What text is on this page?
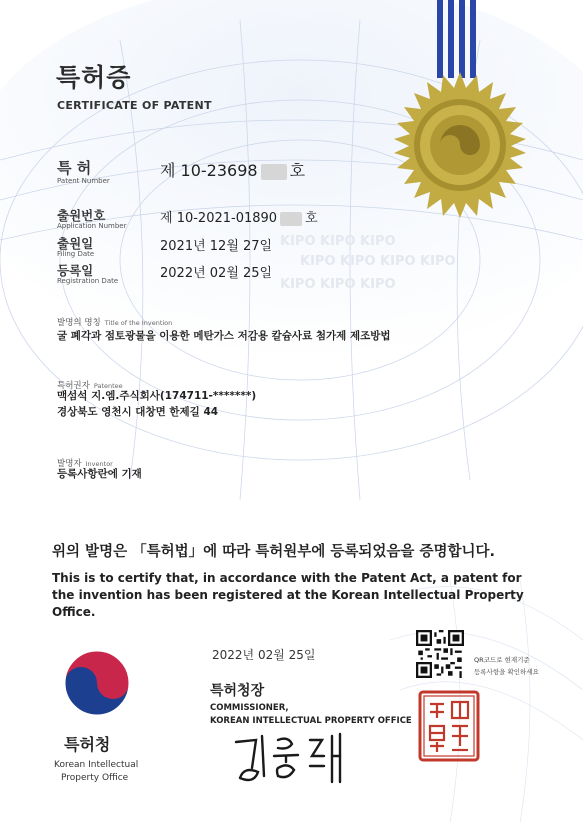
KIPO KIPO KIPO
KIPO KIPO KIPO KIPO
KIPO KIPO KIPO
특허증
CERTIFICATE OF PATENT
특 허
Patent Number
제 10-23698 호
출원번호
Application Number	제 10-2021-01890 호
출원일
Filing Date	2021년 12월 27일
등록일
Registration Date	2022년 02월 25일
발명의 명칭 Title of the Invention
굴 폐각과 점토광물을 이용한 메탄가스 저감용 칼슘사료 첨가제 제조방법
특허권자 Patentee
맥섬석 지.엠.주식회사(174711-*******)
경상북도 영천시 대창면 한제길 44
발명자 Inventor
등록사항란에 기재
위의 발명은 「특허법」에 따라 특허원부에 등록되었음을 증명합니다.
This is to certify that, in accordance with the Patent Act, a patent for the invention has been registered at the Korean Intellectual Property Office.
2022년 02월 25일
특허청장
COMMISSIONER,
KOREAN INTELLECTUAL PROPERTY OFFICE
QR코드로 현재기준
등록사항을 확인하세요
특허청
Korean Intellectual
Property Office
